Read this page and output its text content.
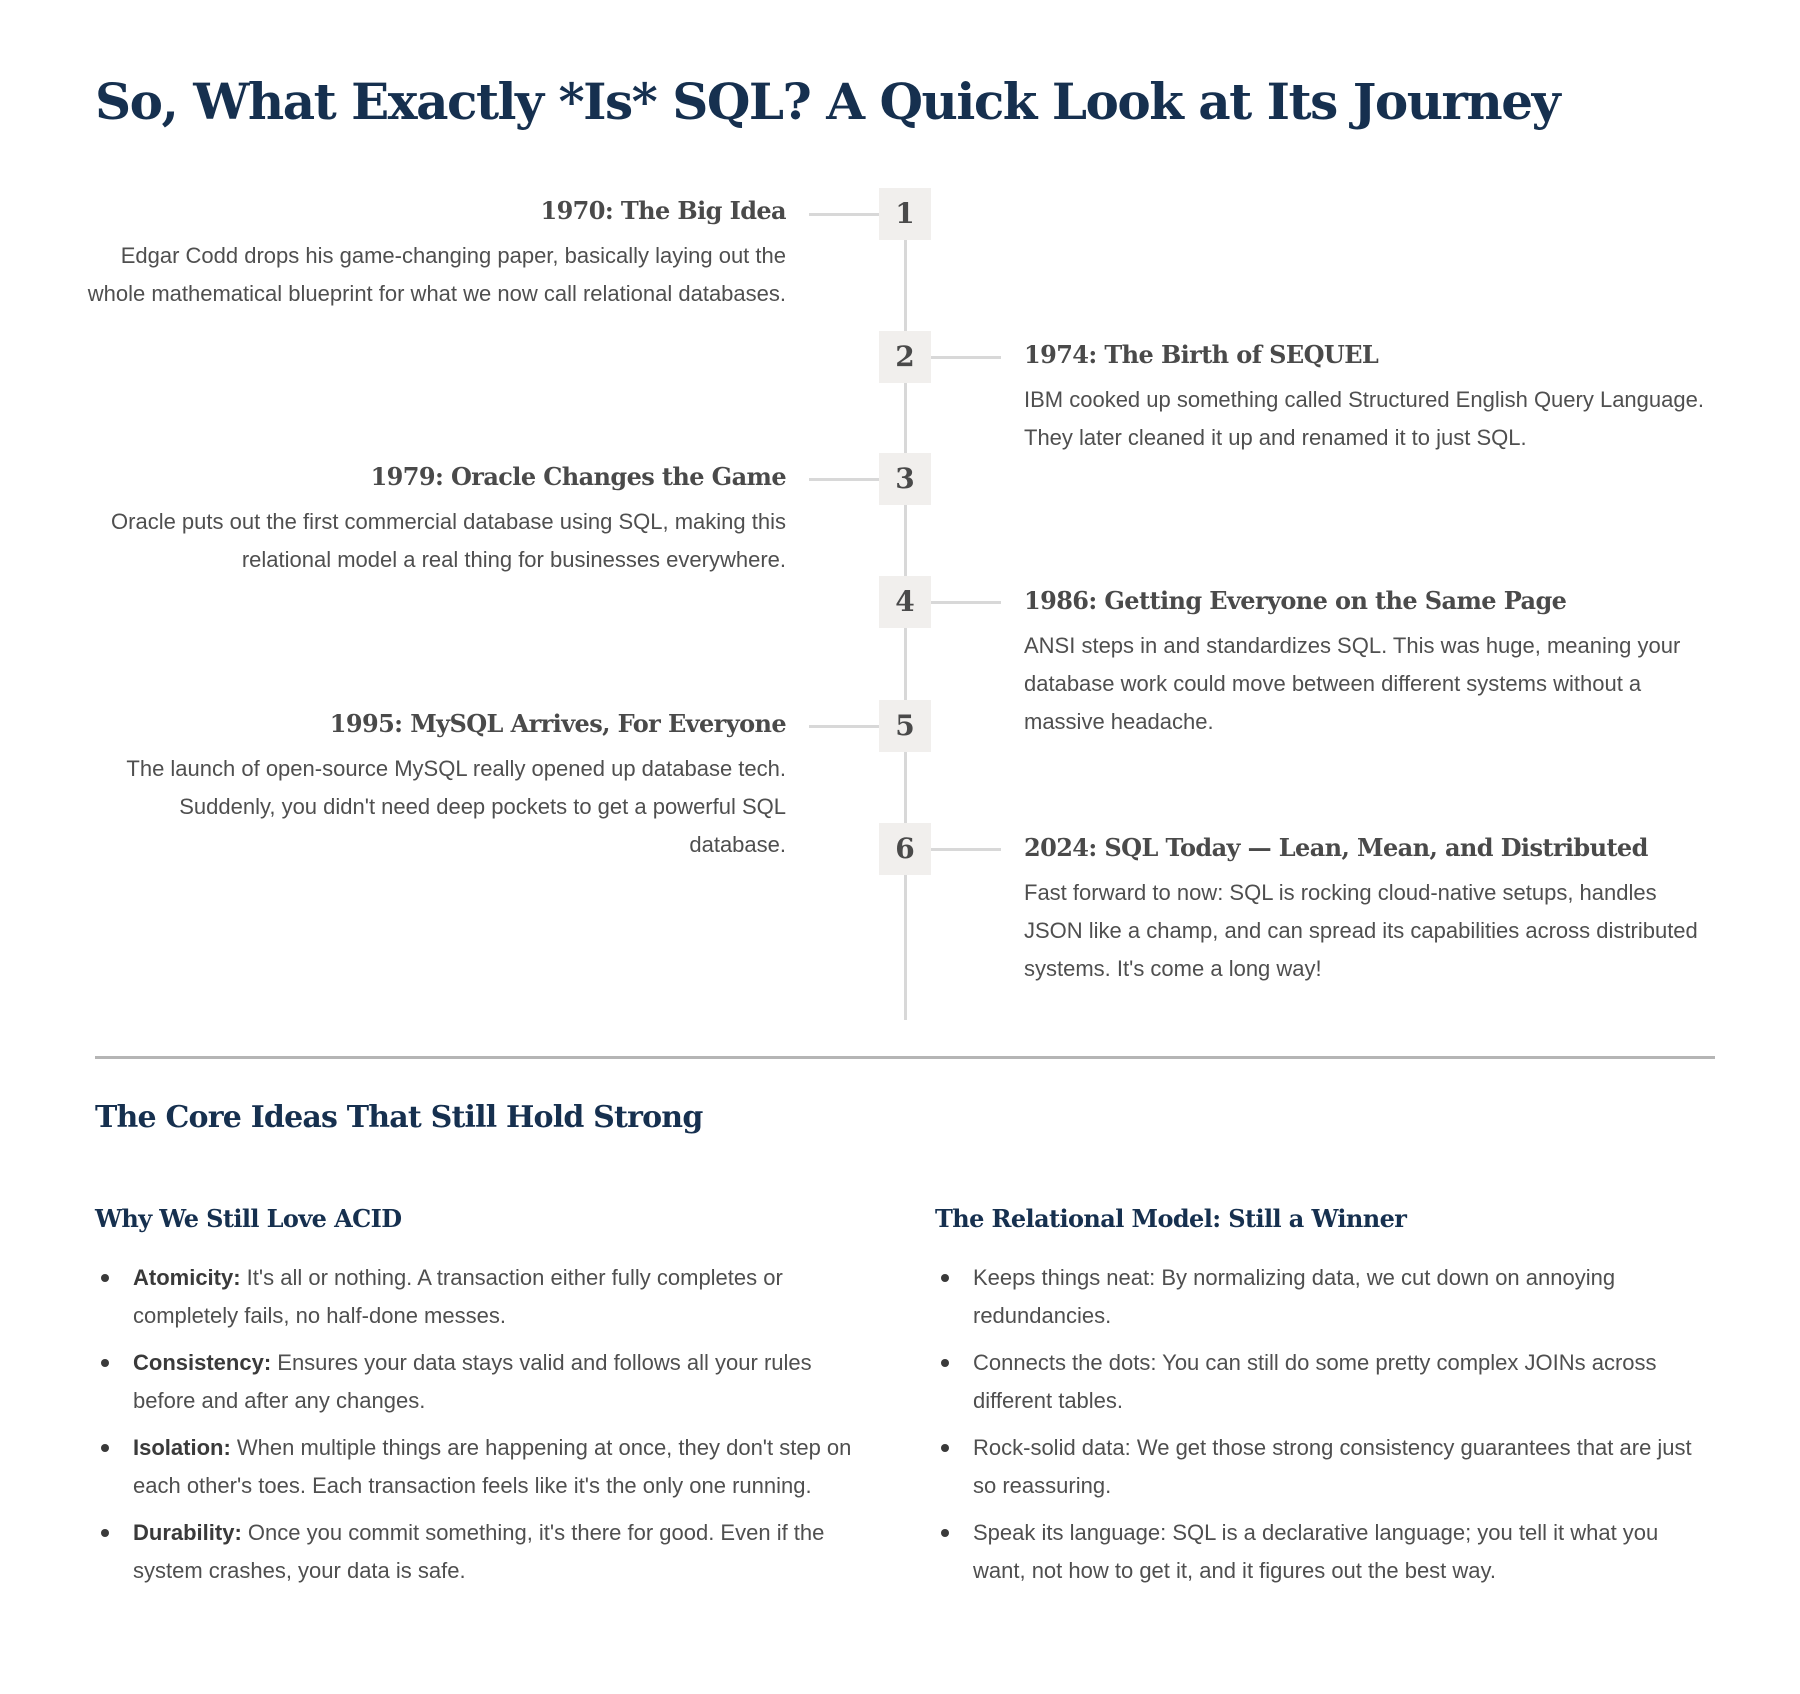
So, What Exactly *Is* SQL? A Quick Look at Its Journey
1
1970: The Big Idea

Edgar Codd drops his game-changing paper, basically laying out the whole mathematical blueprint for what we now call relational databases.

2	1974: The Birth of SEQUEL

IBM cooked up something called Structured English Query Language. They later cleaned it up and renamed it to just SQL.

3
1979: Oracle Changes the Game

Oracle puts out the first commercial database using SQL, making this relational model a real thing for businesses everywhere.

4	1986: Getting Everyone on the Same Page

ANSI steps in and standardizes SQL. This was huge, meaning your database work could move between different systems without a massive headache.

5
1995: MySQL Arrives, For Everyone

The launch of open-source MySQL really opened up database tech. Suddenly, you didn't need deep pockets to get a powerful SQL database.	6	2024: SQL Today — Lean, Mean, and Distributed

Fast forward to now: SQL is rocking cloud-native setups, handles JSON like a champ, and can spread its capabilities across distributed systems. It's come a long way!

The Core Ideas That Still Hold Strong
Why We Still Love ACID
Atomicity: It's all or nothing. A transaction either fully completes or completely fails, no half-done messes.
Consistency: Ensures your data stays valid and follows all your rules before and after any changes.
Isolation: When multiple things are happening at once, they don't step on each other's toes. Each transaction feels like it's the only one running.
Durability: Once you commit something, it's there for good. Even if the system crashes, your data is safe.
The Relational Model: Still a Winner
Keeps things neat: By normalizing data, we cut down on annoying redundancies.
Connects the dots: You can still do some pretty complex JOINs across different tables.
Rock-solid data: We get those strong consistency guarantees that are just so reassuring.
Speak its language: SQL is a declarative language; you tell it what you want, not how to get it, and it figures out the best way.
